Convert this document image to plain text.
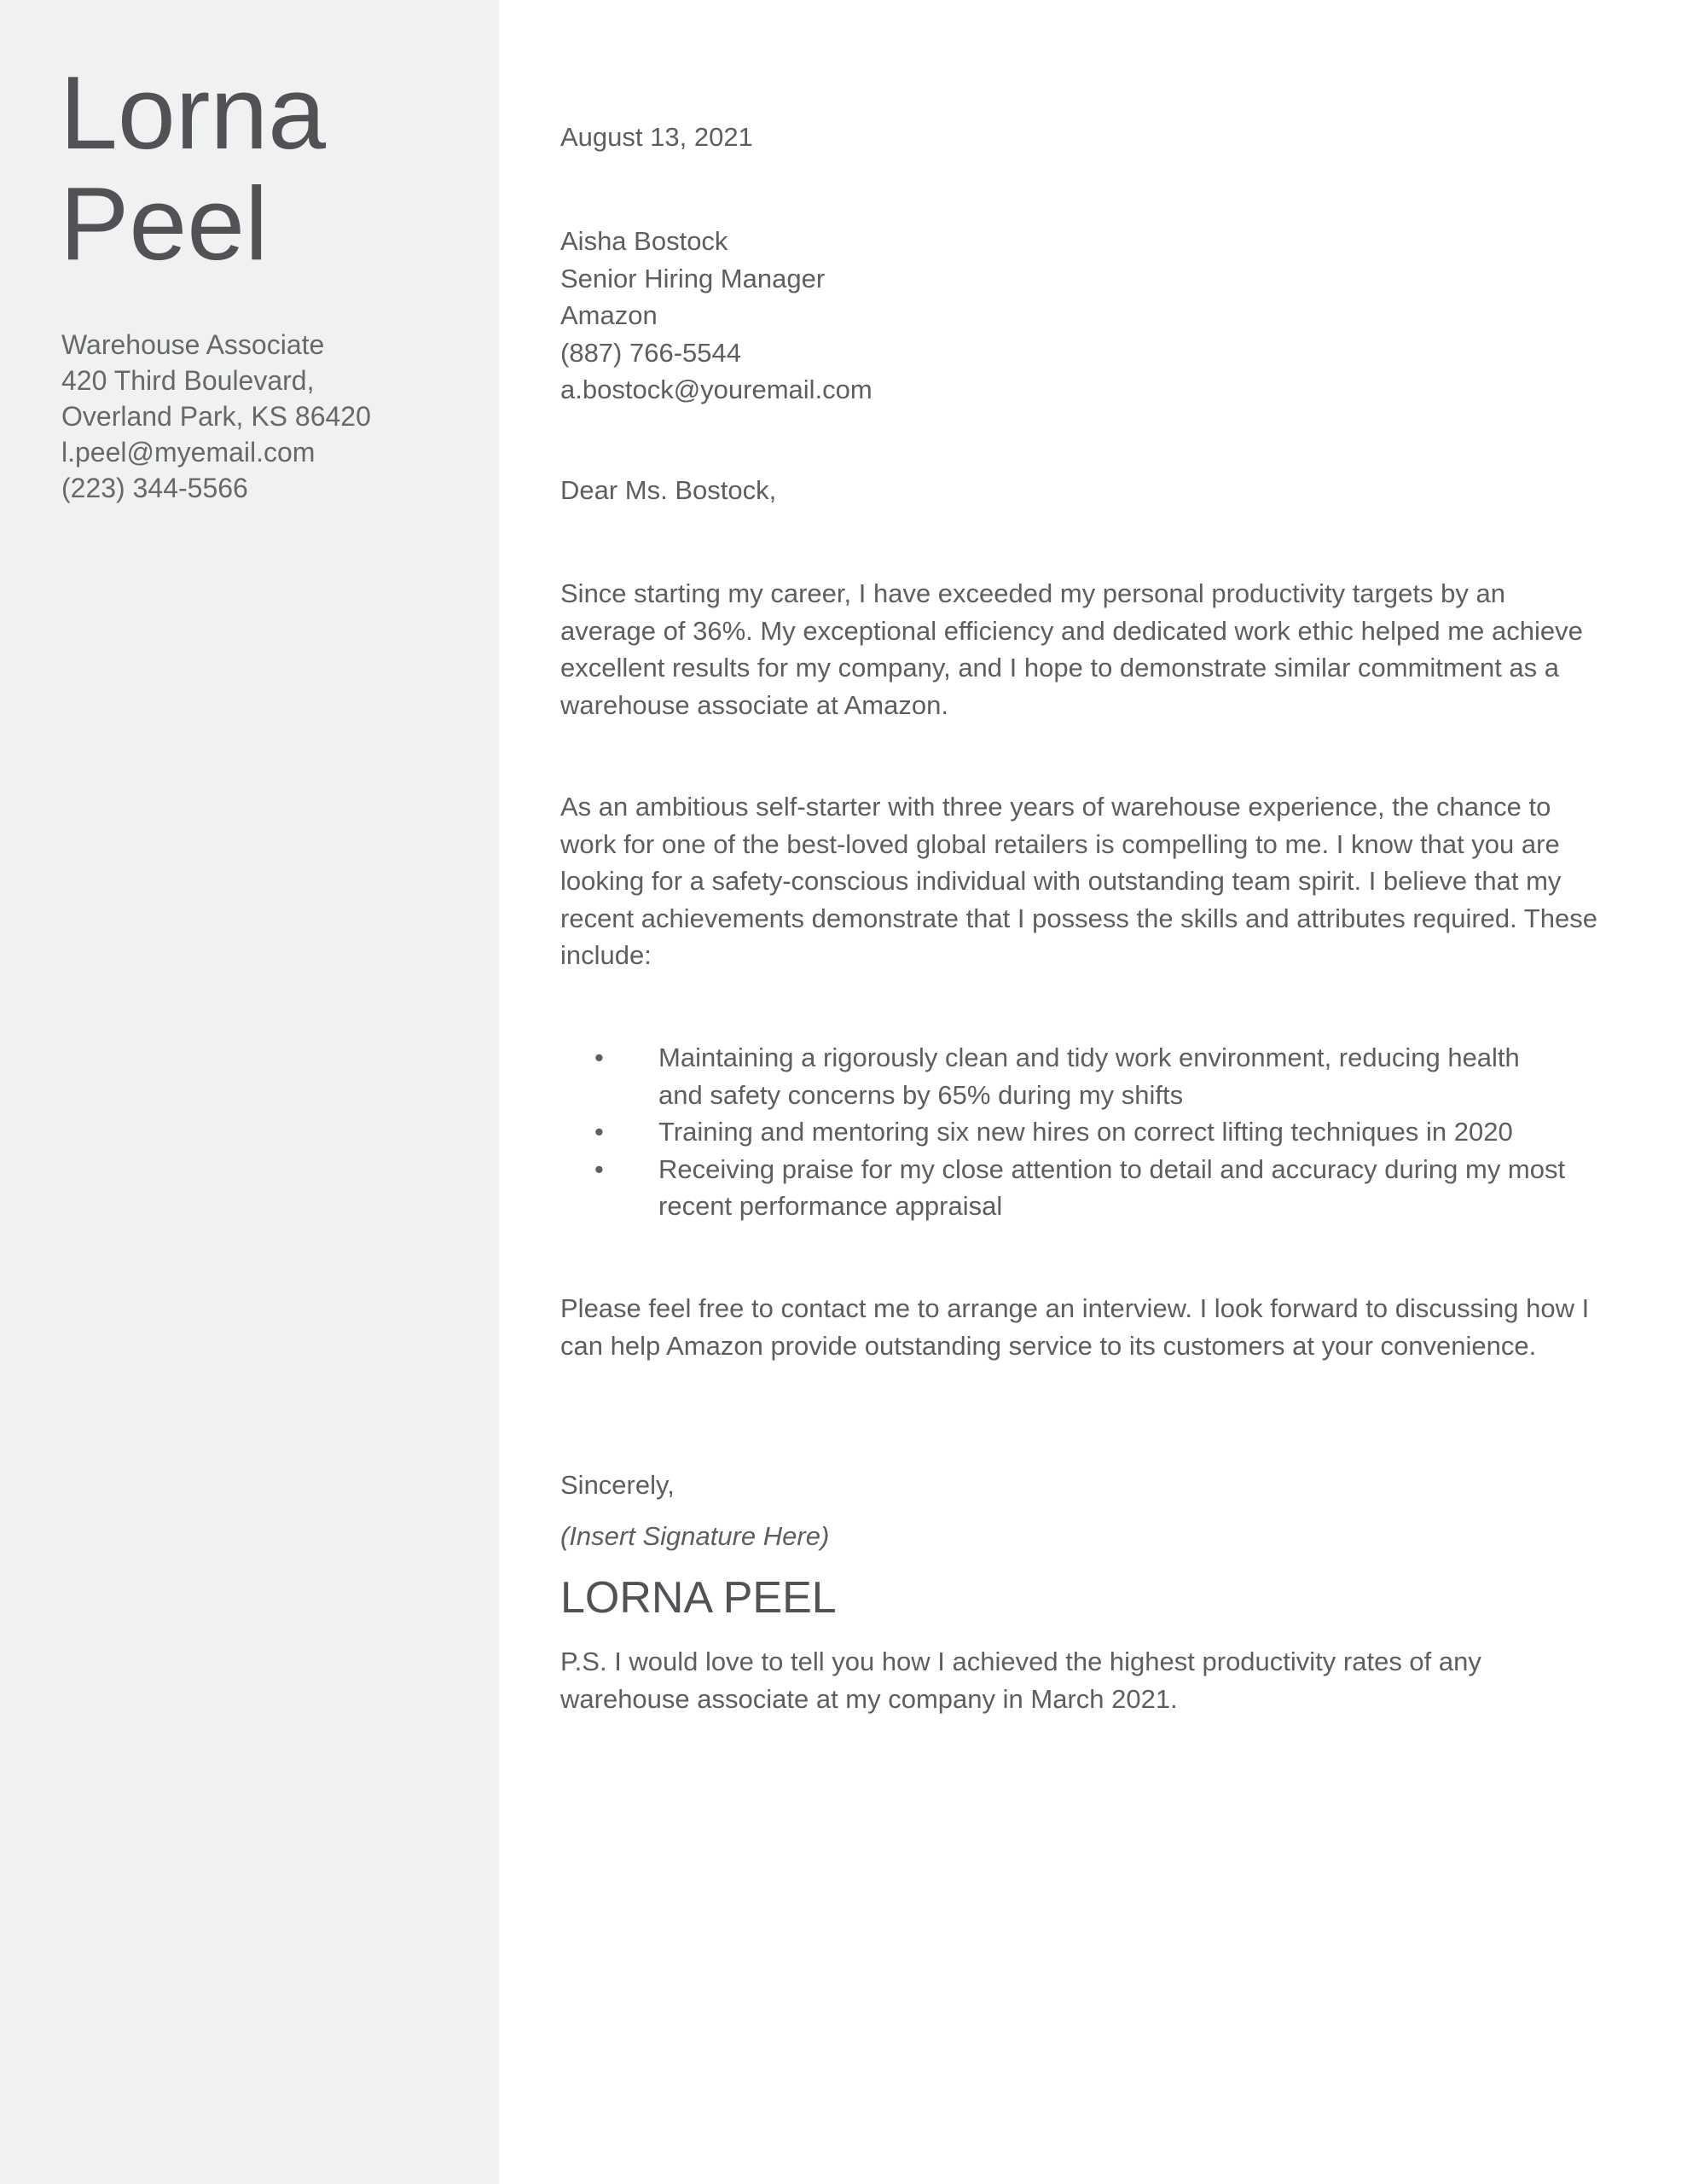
Lorna
Peel
Warehouse Associate
420 Third Boulevard,
Overland Park, KS 86420
l.peel@myemail.com
(223) 344-5566
August 13, 2021
Aisha Bostock
Senior Hiring Manager
Amazon
(887) 766-5544
a.bostock@youremail.com
Dear Ms. Bostock,

Since starting my career, I have exceeded my personal productivity targets by an average of 36%. My exceptional efficiency and dedicated work ethic helped me achieve excellent results for my company, and I hope to demonstrate similar commitment as a warehouse associate at Amazon.

As an ambitious self-starter with three years of warehouse experience, the chance to work for one of the best-loved global retailers is compelling to me. I know that you are looking for a safety-conscious individual with outstanding team spirit. I believe that my recent achievements demonstrate that I possess the skills and attributes required. These include:

• Maintaining a rigorously clean and tidy work environment, reducing health and safety concerns by 65% during my shifts
• Training and mentoring six new hires on correct lifting techniques in 2020
• Receiving praise for my close attention to detail and accuracy during my most recent performance appraisal

Please feel free to contact me to arrange an interview. I look forward to discussing how I can help Amazon provide outstanding service to its customers at your convenience.

Sincerely,
(Insert Signature Here)
LORNA PEEL

P.S. I would love to tell you how I achieved the highest productivity rates of any warehouse associate at my company in March 2021.
